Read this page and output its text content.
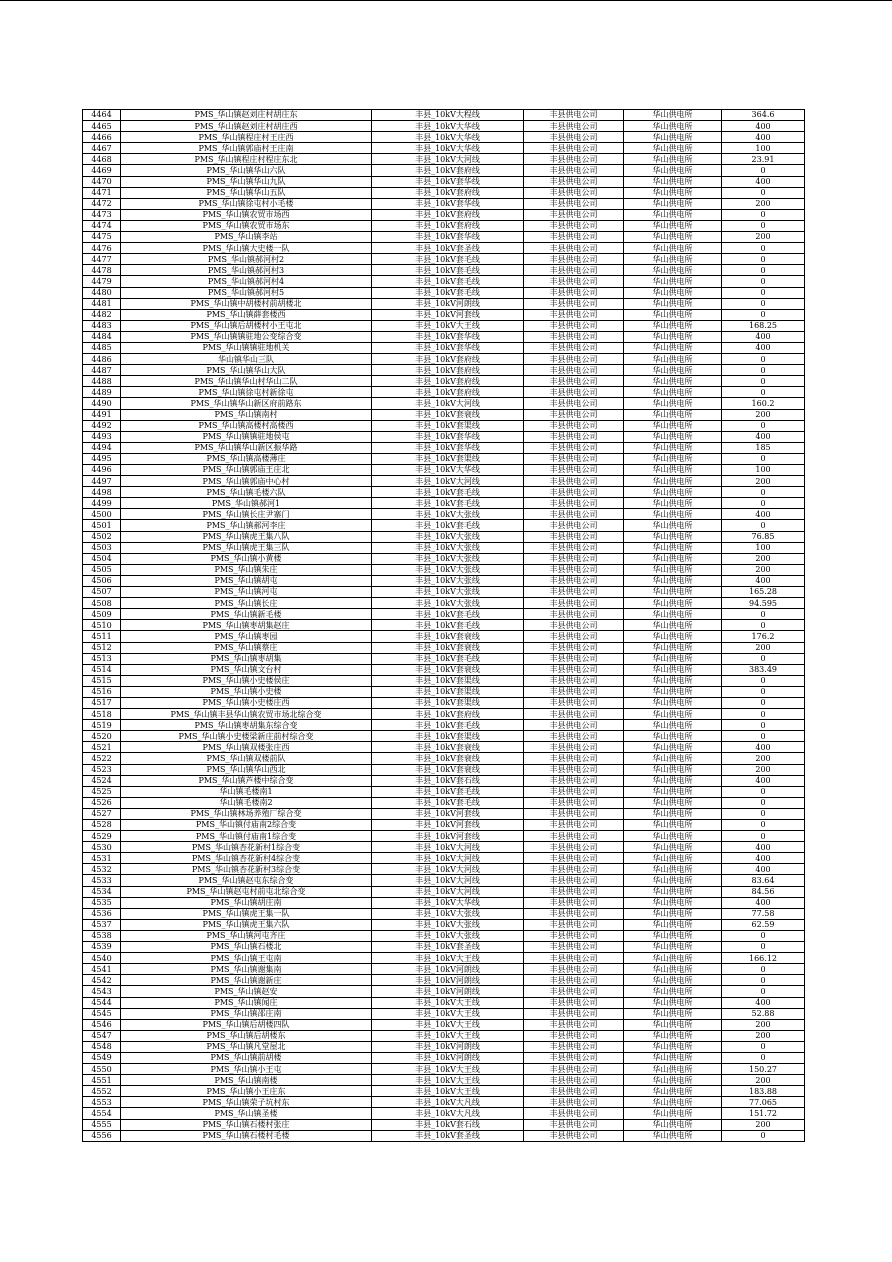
4464	PMS_华山镇赵刘庄村胡庄东	丰县_10kV大程线	丰县供电公司	华山供电所	364.6
4465	PMS_华山镇赵刘庄村胡庄西	丰县_10kV大华线	丰县供电公司	华山供电所	400
4466	PMS_华山镇程庄村王庄西	丰县_10kV大华线	丰县供电公司	华山供电所	400
4467	PMS_华山镇郭庙村王庄南	丰县_10kV大华线	丰县供电公司	华山供电所	100
4468	PMS_华山镇程庄村程庄东北	丰县_10kV大河线	丰县供电公司	华山供电所	23.91
4469	PMS_华山镇华山六队	丰县_10kV套府线	丰县供电公司	华山供电所	0
4470	PMS_华山镇华山九队	丰县_10kV套华线	丰县供电公司	华山供电所	400
4471	PMS_华山镇华山五队	丰县_10kV套府线	丰县供电公司	华山供电所	0
4472	PMS_华山镇徐屯村小毛楼	丰县_10kV套华线	丰县供电公司	华山供电所	200
4473	PMS_华山镇农贸市场西	丰县_10kV套府线	丰县供电公司	华山供电所	0
4474	PMS_华山镇农贸市场东	丰县_10kV套府线	丰县供电公司	华山供电所	0
4475	PMS_华山镇李站	丰县_10kV套华线	丰县供电公司	华山供电所	200
4476	PMS_华山镇大史楼一队	丰县_10kV套圣线	丰县供电公司	华山供电所	0
4477	PMS_华山镇郝河村2	丰县_10kV套毛线	丰县供电公司	华山供电所	0
4478	PMS_华山镇郝河村3	丰县_10kV套毛线	丰县供电公司	华山供电所	0
4479	PMS_华山镇郝河村4	丰县_10kV套毛线	丰县供电公司	华山供电所	0
4480	PMS_华山镇郝河村5	丰县_10kV套毛线	丰县供电公司	华山供电所	0
4481	PMS_华山镇中胡楼村前胡楼北	丰县_10kV河朗线	丰县供电公司	华山供电所	0
4482	PMS_华山镇薛套楼西	丰县_10kV河套线	丰县供电公司	华山供电所	0
4483	PMS_华山镇后胡楼村小王屯北	丰县_10kV大王线	丰县供电公司	华山供电所	168.25
4484	PMS_华山镇镇驻地公变综合变	丰县_10kV套华线	丰县供电公司	华山供电所	400
4485	PMS_华山镇镇驻地机关	丰县_10kV套华线	丰县供电公司	华山供电所	400
4486	华山镇华山三队	丰县_10kV套府线	丰县供电公司	华山供电所	0
4487	PMS_华山镇华山大队	丰县_10kV套府线	丰县供电公司	华山供电所	0
4488	PMS_华山镇华山村华山二队	丰县_10kV套府线	丰县供电公司	华山供电所	0
4489	PMS_华山镇徐屯村新徐屯	丰县_10kV套府线	丰县供电公司	华山供电所	0
4490	PMS_华山镇华山新区府前路东	丰县_10kV大河线	丰县供电公司	华山供电所	160.2
4491	PMS_华山镇南村	丰县_10kV套衰线	丰县供电公司	华山供电所	200
4492	PMS_华山镇高楼村高楼西	丰县_10kV套渠线	丰县供电公司	华山供电所	0
4493	PMS_华山镇镇驻地侯屯	丰县_10kV套华线	丰县供电公司	华山供电所	400
4494	PMS_华山镇华山新区振华路	丰县_10kV套华线	丰县供电公司	华山供电所	185
4495	PMS_华山镇高楼薄庄	丰县_10kV套渠线	丰县供电公司	华山供电所	0
4496	PMS_华山镇郭庙王庄北	丰县_10kV大华线	丰县供电公司	华山供电所	100
4497	PMS_华山镇郭庙中心村	丰县_10kV大河线	丰县供电公司	华山供电所	200
4498	PMS_华山镇毛楼六队	丰县_10kV套毛线	丰县供电公司	华山供电所	0
4499	PMS_华山镇郝河1	丰县_10kV套毛线	丰县供电公司	华山供电所	0
4500	PMS_华山镇长庄尹寨门	丰县_10kV大张线	丰县供电公司	华山供电所	400
4501	PMS_华山镇郝河李庄	丰县_10kV套毛线	丰县供电公司	华山供电所	0
4502	PMS_华山镇虎王集八队	丰县_10kV大张线	丰县供电公司	华山供电所	76.85
4503	PMS_华山镇虎王集三队	丰县_10kV大张线	丰县供电公司	华山供电所	100
4504	PMS_华山镇小黄楼	丰县_10kV大张线	丰县供电公司	华山供电所	200
4505	PMS_华山镇朱庄	丰县_10kV大张线	丰县供电公司	华山供电所	200
4506	PMS_华山镇胡屯	丰县_10kV大张线	丰县供电公司	华山供电所	400
4507	PMS_华山镇河屯	丰县_10kV大张线	丰县供电公司	华山供电所	165.28
4508	PMS_华山镇长庄	丰县_10kV大张线	丰县供电公司	华山供电所	94.595
4509	PMS_华山镇新毛楼	丰县_10kV套毛线	丰县供电公司	华山供电所	0
4510	PMS_华山镇枣胡集赵庄	丰县_10kV套毛线	丰县供电公司	华山供电所	0
4511	PMS_华山镇枣园	丰县_10kV套衰线	丰县供电公司	华山供电所	176.2
4512	PMS_华山镇蔡庄	丰县_10kV套衰线	丰县供电公司	华山供电所	200
4513	PMS_华山镇枣胡集	丰县_10kV套毛线	丰县供电公司	华山供电所	0
4514	PMS_华山镇文台村	丰县_10kV套衰线	丰县供电公司	华山供电所	383.49
4515	PMS_华山镇小史楼侯庄	丰县_10kV套渠线	丰县供电公司	华山供电所	0
4516	PMS_华山镇小史楼	丰县_10kV套渠线	丰县供电公司	华山供电所	0
4517	PMS_华山镇小史楼庄西	丰县_10kV套渠线	丰县供电公司	华山供电所	0
4518	PMS_华山镇丰县华山镇农贸市场北综合变	丰县_10kV套府线	丰县供电公司	华山供电所	0
4519	PMS_华山镇枣胡集东综合变	丰县_10kV套毛线	丰县供电公司	华山供电所	0
4520	PMS_华山镇小史楼梁新庄前村综合变	丰县_10kV套渠线	丰县供电公司	华山供电所	0
4521	PMS_华山镇双楼张庄西	丰县_10kV套衰线	丰县供电公司	华山供电所	400
4522	PMS_华山镇双楼前队	丰县_10kV套衰线	丰县供电公司	华山供电所	200
4523	PMS_华山镇华山西北	丰县_10kV套衰线	丰县供电公司	华山供电所	200
4524	PMS_华山镇芦楼中综合变	丰县_10kV套石线	丰县供电公司	华山供电所	400
4525	华山镇毛楼南1	丰县_10kV套毛线	丰县供电公司	华山供电所	0
4526	华山镇毛楼南2	丰县_10kV套毛线	丰县供电公司	华山供电所	0
4527	PMS_华山镇林场养殖厂综合变	丰县_10kV河套线	丰县供电公司	华山供电所	0
4528	PMS_华山镇付庙南2综合变	丰县_10kV河套线	丰县供电公司	华山供电所	0
4529	PMS_华山镇付庙南1综合变	丰县_10kV河套线	丰县供电公司	华山供电所	0
4530	PMS_华山镇杏花新村1综合变	丰县_10kV大河线	丰县供电公司	华山供电所	400
4531	PMS_华山镇杏花新村4综合变	丰县_10kV大河线	丰县供电公司	华山供电所	400
4532	PMS_华山镇杏花新村3综合变	丰县_10kV大河线	丰县供电公司	华山供电所	400
4533	PMS_华山镇赵屯东综合变	丰县_10kV大河线	丰县供电公司	华山供电所	83.64
4534	PMS_华山镇赵屯村前屯北综合变	丰县_10kV大河线	丰县供电公司	华山供电所	84.56
4535	PMS_华山镇胡庄南	丰县_10kV大华线	丰县供电公司	华山供电所	400
4536	PMS_华山镇虎王集一队	丰县_10kV大张线	丰县供电公司	华山供电所	77.58
4537	PMS_华山镇虎王集六队	丰县_10kV大张线	丰县供电公司	华山供电所	62.59
4538	PMS_华山镇河屯齐庄	丰县_10kV大张线	丰县供电公司	华山供电所	0
4539	PMS_华山镇石楼北	丰县_10kV套圣线	丰县供电公司	华山供电所	0
4540	PMS_华山镇王屯南	丰县_10kV大王线	丰县供电公司	华山供电所	166.12
4541	PMS_华山镇谢集南	丰县_10kV河朗线	丰县供电公司	华山供电所	0
4542	PMS_华山镇谢新庄	丰县_10kV河朗线	丰县供电公司	华山供电所	0
4543	PMS_华山镇赵安	丰县_10kV河朗线	丰县供电公司	华山供电所	0
4544	PMS_华山镇闻庄	丰县_10kV大王线	丰县供电公司	华山供电所	400
4545	PMS_华山镇邵庄南	丰县_10kV大王线	丰县供电公司	华山供电所	52.88
4546	PMS_华山镇后胡楼四队	丰县_10kV大王线	丰县供电公司	华山供电所	200
4547	PMS_华山镇后胡楼东	丰县_10kV大王线	丰县供电公司	华山供电所	200
4548	PMS_华山镇凡堂屋北	丰县_10kV河朗线	丰县供电公司	华山供电所	0
4549	PMS_华山镇前胡楼	丰县_10kV河朗线	丰县供电公司	华山供电所	0
4550	PMS_华山镇小王屯	丰县_10kV大王线	丰县供电公司	华山供电所	150.27
4551	PMS_华山镇南楼	丰县_10kV大王线	丰县供电公司	华山供电所	200
4552	PMS_华山镇小王庄东	丰县_10kV大王线	丰县供电公司	华山供电所	183.88
4553	PMS_华山镇荣子坑村东	丰县_10kV大凡线	丰县供电公司	华山供电所	77.065
4554	PMS_华山镇圣楼	丰县_10kV大凡线	丰县供电公司	华山供电所	151.72
4555	PMS_华山镇石楼村张庄	丰县_10kV套石线	丰县供电公司	华山供电所	200
4556	PMS_华山镇石楼村毛楼	丰县_10kV套圣线	丰县供电公司	华山供电所	0
